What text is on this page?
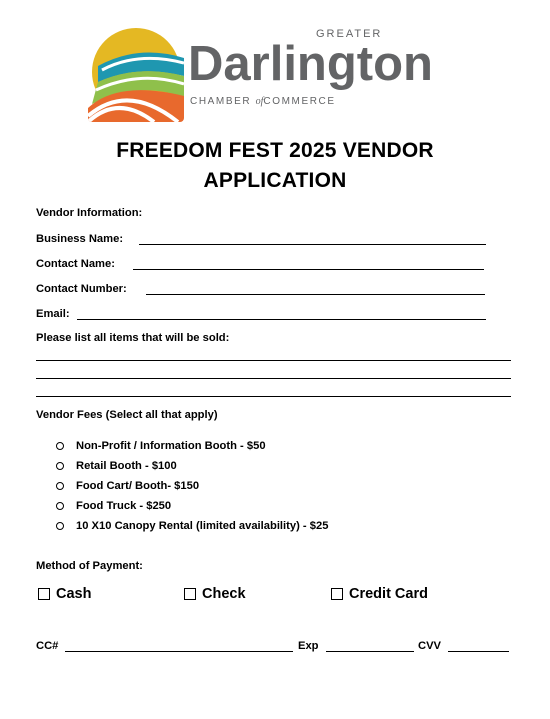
GREATER
Darlington
CHAMBER ofCOMMERCE
FREEDOM FEST 2025 VENDOR
APPLICATION
Vendor Information:
Business Name:
Contact Name:
Contact Number:
Email:
Please list all items that will be sold:
Vendor Fees (Select all that apply)
Non-Profit / Information Booth - $50
Retail Booth - $100
Food Cart/ Booth- $150
Food Truck - $250
10 X10 Canopy Rental (limited availability) - $25
Method of Payment:
Cash	Check	Credit Card
CC#	Exp	CVV
